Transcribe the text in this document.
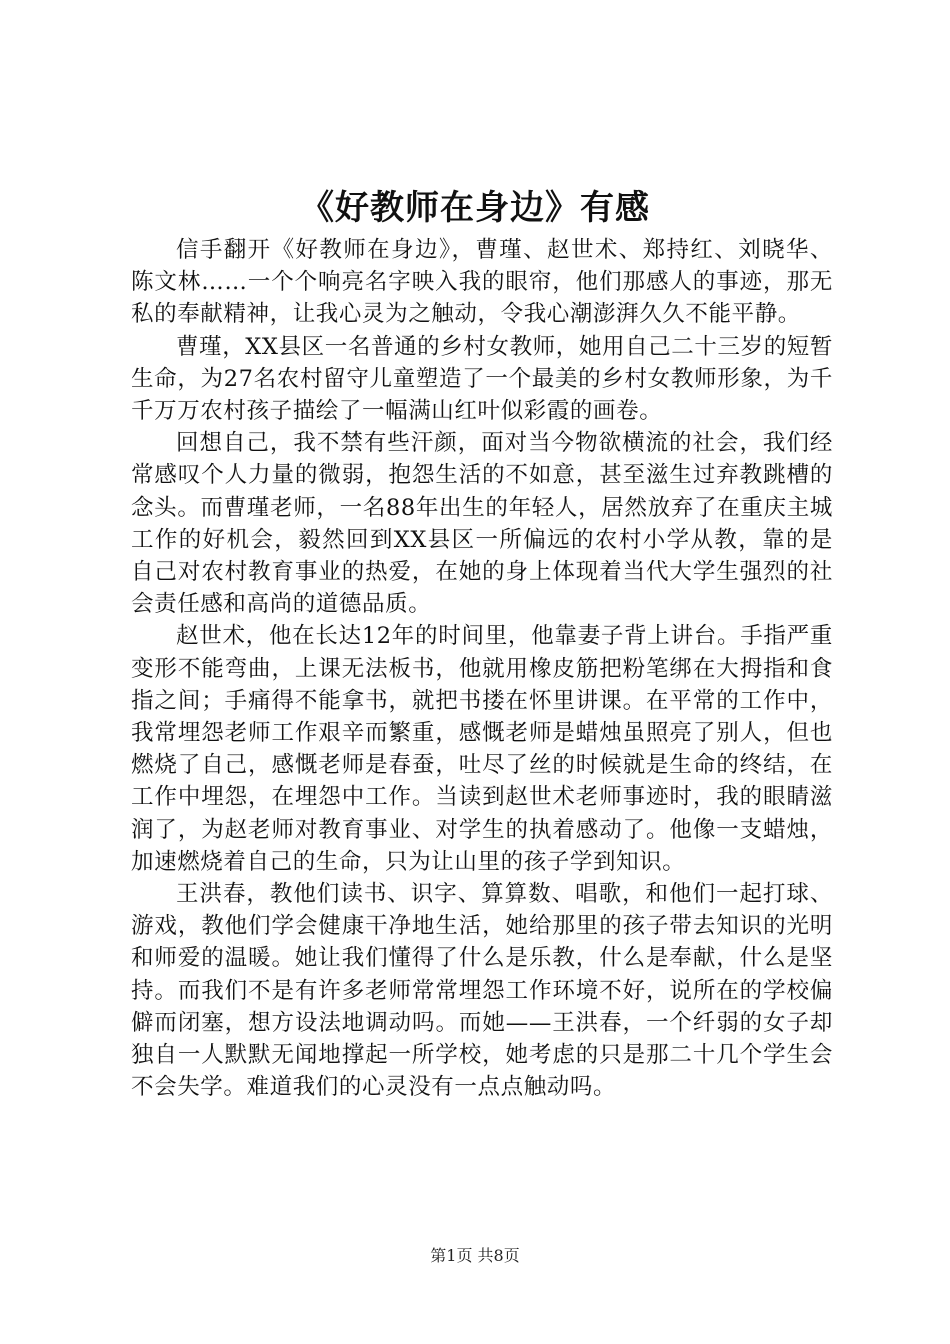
《好教师在身边》有感

信手翻开《好教师在身边》，曹瑾、赵世术、郑持红、刘晓华、陈文林……一个个响亮名字映入我的眼帘，他们那感人的事迹，那无私的奉献精神，让我心灵为之触动，令我心潮澎湃久久不能平静。

曹瑾，XX县区一名普通的乡村女教师，她用自己二十三岁的短暂生命，为27名农村留守儿童塑造了一个最美的乡村女教师形象，为千千万万农村孩子描绘了一幅满山红叶似彩霞的画卷。

回想自己，我不禁有些汗颜，面对当今物欲横流的社会，我们经常感叹个人力量的微弱，抱怨生活的不如意，甚至滋生过弃教跳槽的念头。而曹瑾老师，一名88年出生的年轻人，居然放弃了在重庆主城工作的好机会，毅然回到XX县区一所偏远的农村小学从教，靠的是自己对农村教育事业的热爱，在她的身上体现着当代大学生强烈的社会责任感和高尚的道德品质。

赵世术，他在长达12年的时间里，他靠妻子背上讲台。手指严重变形不能弯曲，上课无法板书，他就用橡皮筋把粉笔绑在大拇指和食指之间；手痛得不能拿书，就把书搂在怀里讲课。在平常的工作中，我常埋怨老师工作艰辛而繁重，感慨老师是蜡烛虽照亮了别人，但也燃烧了自己，感慨老师是春蚕，吐尽了丝的时候就是生命的终结，在工作中埋怨，在埋怨中工作。当读到赵世术老师事迹时，我的眼睛滋润了，为赵老师对教育事业、对学生的执着感动了。他像一支蜡烛，加速燃烧着自己的生命，只为让山里的孩子学到知识。

王洪春，教他们读书、识字、算算数、唱歌，和他们一起打球、游戏，教他们学会健康干净地生活，她给那里的孩子带去知识的光明和师爱的温暖。她让我们懂得了什么是乐教，什么是奉献，什么是坚持。而我们不是有许多老师常常埋怨工作环境不好，说所在的学校偏僻而闭塞，想方设法地调动吗。而她——王洪春，一个纤弱的女子却独自一人默默无闻地撑起一所学校，她考虑的只是那二十几个学生会不会失学。难道我们的心灵没有一点点触动吗。

第1页 共8页
